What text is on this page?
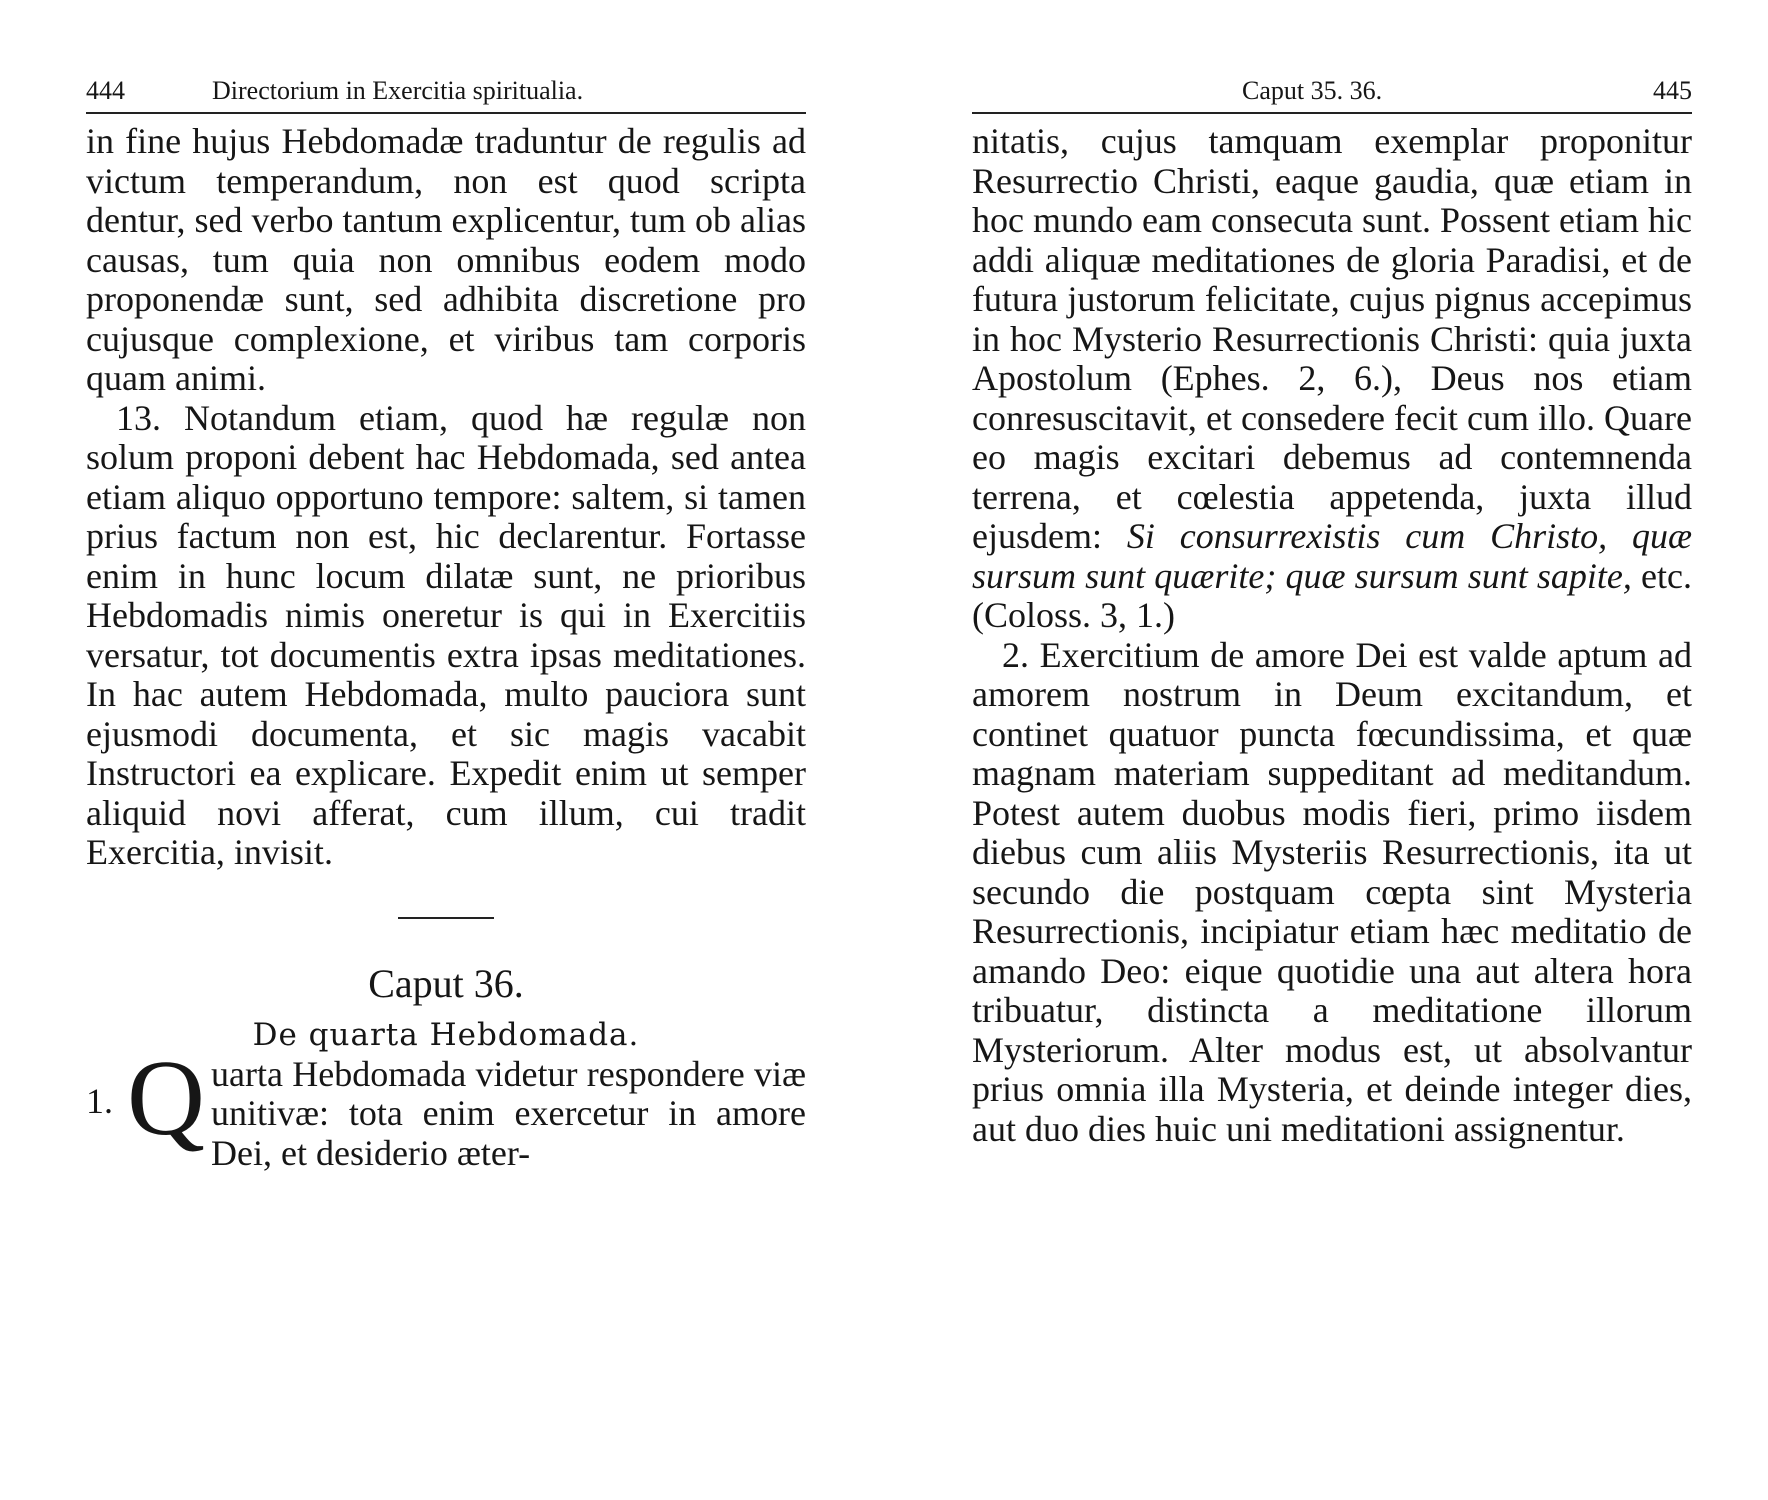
444	Directorium in Exercitia spiritualia.

in fine hujus Hebdomadæ traduntur de regulis ad victum temperandum, non est quod scripta dentur, sed verbo tantum explicentur, tum ob alias causas, tum quia non omnibus eodem modo proponendæ sunt, sed adhibita discretione pro cujusque complexione, et viribus tam corporis quam animi.

13. Notandum etiam, quod hæ regulæ non solum proponi debent hac Hebdomada, sed antea etiam aliquo opportuno tempore: saltem, si tamen prius factum non est, hic declarentur. Fortasse enim in hunc locum dilatæ sunt, ne prioribus Hebdomadis nimis oneretur is qui in Exercitiis versatur, tot documentis extra ipsas meditationes. In hac autem Hebdomada, multo pauciora sunt ejusmodi documenta, et sic magis vacabit Instructori ea explicare. Expedit enim ut semper aliquid novi afferat, cum illum, cui tradit Exercitia, invisit.

Caput 36.
De quarta Hebdomada.

1. Q uarta Hebdomada videtur respondere viæ unitivæ: tota enim exercetur in amore Dei, et desiderio æter-

Caput 35. 36.	445

nitatis, cujus tamquam exemplar proponitur Resurrectio Christi, eaque gaudia, quæ etiam in hoc mundo eam consecuta sunt. Possent etiam hic addi aliquæ meditationes de gloria Paradisi, et de futura justorum felicitate, cujus pignus accepimus in hoc Mysterio Resurrectionis Christi: quia juxta Apostolum (Ephes. 2, 6.), Deus nos etiam conresuscitavit, et consedere fecit cum illo. Quare eo magis excitari debemus ad contemnenda terrena, et cœlestia appetenda, juxta illud ejusdem: Si consurrexistis cum Christo, quæ sursum sunt quærite; quæ sursum sunt sapite, etc. (Coloss. 3, 1.)

2. Exercitium de amore Dei est valde aptum ad amorem nostrum in Deum excitandum, et continet quatuor puncta fœcundissima, et quæ magnam materiam suppeditant ad meditandum. Potest autem duobus modis fieri, primo iisdem diebus cum aliis Mysteriis Resurrectionis, ita ut secundo die postquam cœpta sint Mysteria Resurrectionis, incipiatur etiam hæc meditatio de amando Deo: eique quotidie una aut altera hora tribuatur, distincta a meditatione illorum Mysteriorum. Alter modus est, ut absolvantur prius omnia illa Mysteria, et deinde integer dies, aut duo dies huic uni meditationi assignentur.
